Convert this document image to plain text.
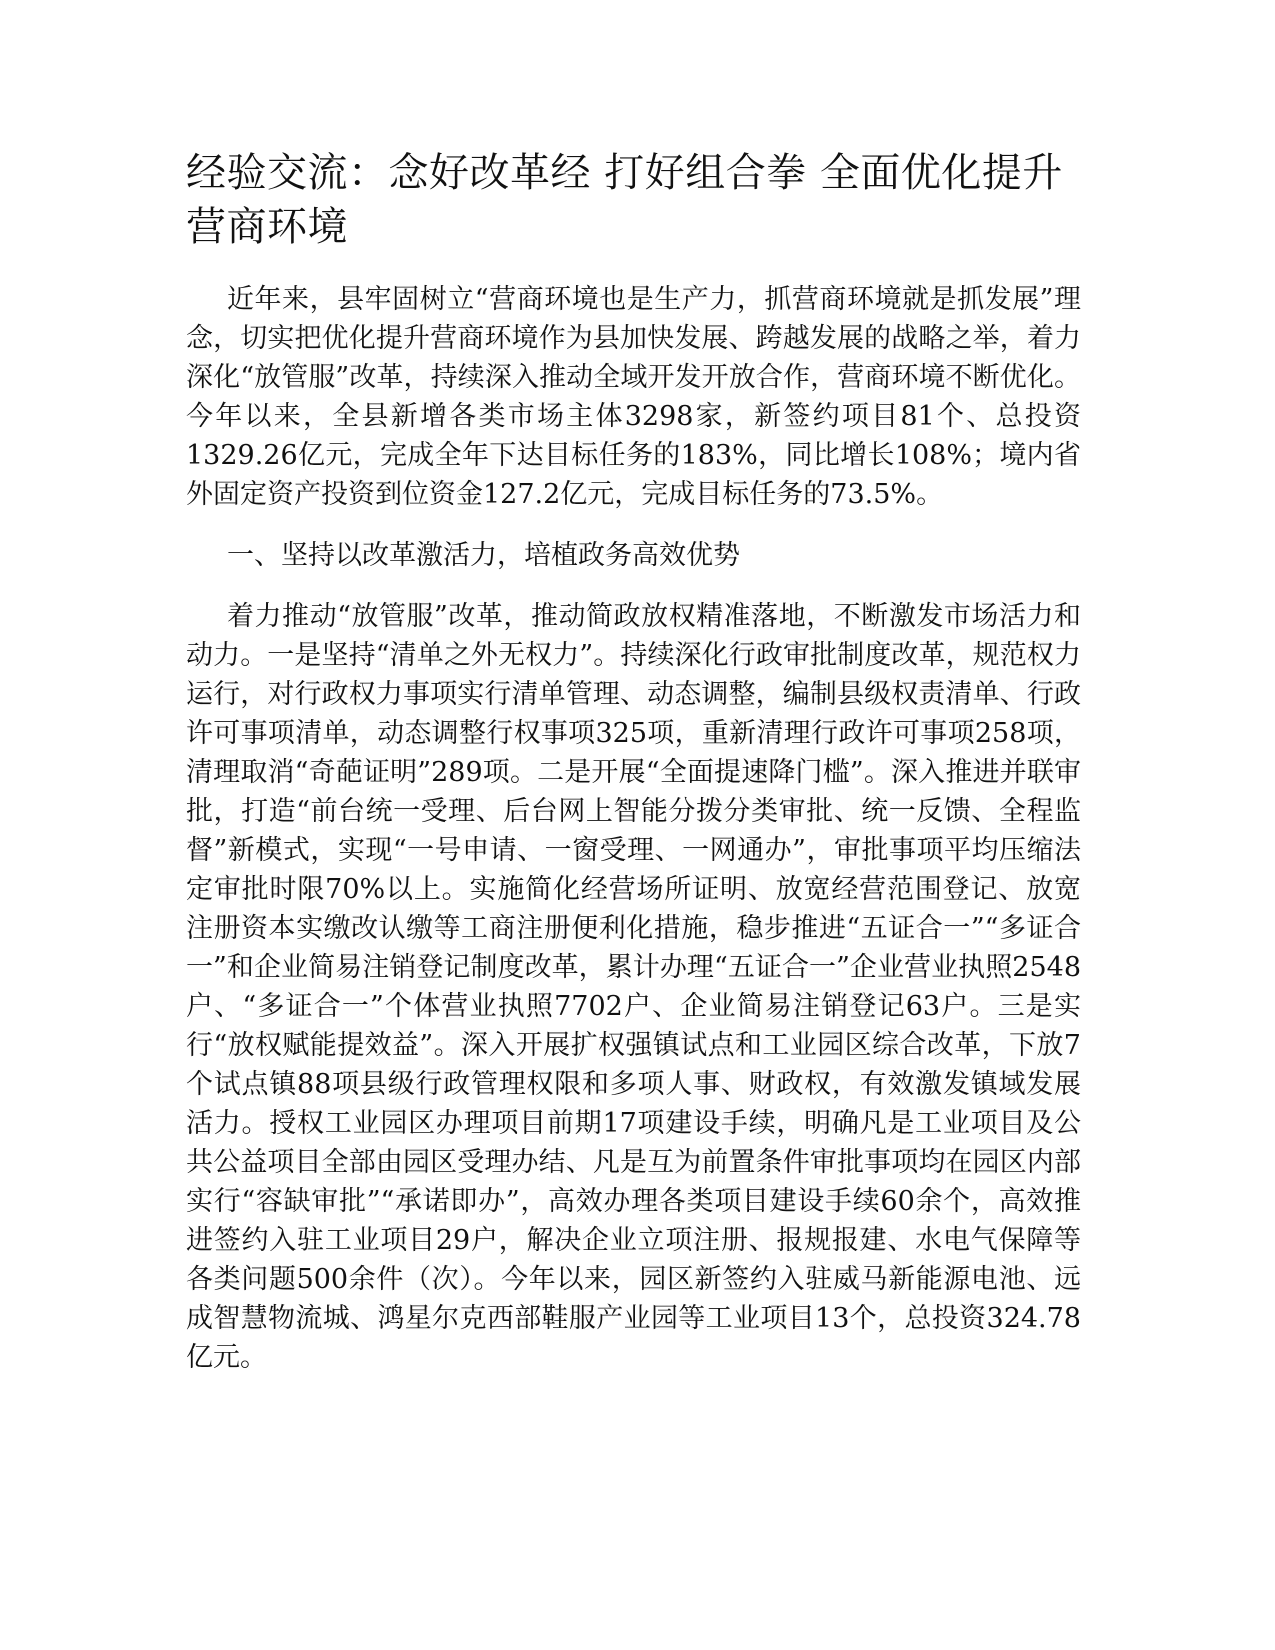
经验交流：念好改革经 打好组合拳 全面优化提升营商环境

近年来，县牢固树立“营商环境也是生产力，抓营商环境就是抓发展”理念，切实把优化提升营商环境作为县加快发展、跨越发展的战略之举，着力深化“放管服”改革，持续深入推动全域开发开放合作，营商环境不断优化。今年以来，全县新增各类市场主体3298家，新签约项目81个、总投资1329.26亿元，完成全年下达目标任务的183%，同比增长108%；境内省外固定资产投资到位资金127.2亿元，完成目标任务的73.5%。

一、坚持以改革激活力，培植政务高效优势

着力推动“放管服”改革，推动简政放权精准落地，不断激发市场活力和动力。一是坚持“清单之外无权力”。持续深化行政审批制度改革，规范权力运行，对行政权力事项实行清单管理、动态调整，编制县级权责清单、行政许可事项清单，动态调整行权事项325项，重新清理行政许可事项258项，清理取消“奇葩证明”289项。二是开展“全面提速降门槛”。深入推进并联审批，打造“前台统一受理、后台网上智能分拨分类审批、统一反馈、全程监督”新模式，实现“一号申请、一窗受理、一网通办”，审批事项平均压缩法定审批时限70%以上。实施简化经营场所证明、放宽经营范围登记、放宽注册资本实缴改认缴等工商注册便利化措施，稳步推进“五证合一”“多证合一”和企业简易注销登记制度改革，累计办理“五证合一”企业营业执照2548户、“多证合一”个体营业执照7702户、企业简易注销登记63户。三是实行“放权赋能提效益”。深入开展扩权强镇试点和工业园区综合改革，下放7个试点镇88项县级行政管理权限和多项人事、财政权，有效激发镇域发展活力。授权工业园区办理项目前期17项建设手续，明确凡是工业项目及公共公益项目全部由园区受理办结、凡是互为前置条件审批事项均在园区内部实行“容缺审批”“承诺即办”，高效办理各类项目建设手续60余个，高效推进签约入驻工业项目29户，解决企业立项注册、报规报建、水电气保障等各类问题500余件（次）。今年以来，园区新签约入驻威马新能源电池、远成智慧物流城、鸿星尔克西部鞋服产业园等工业项目13个，总投资324.78亿元。
